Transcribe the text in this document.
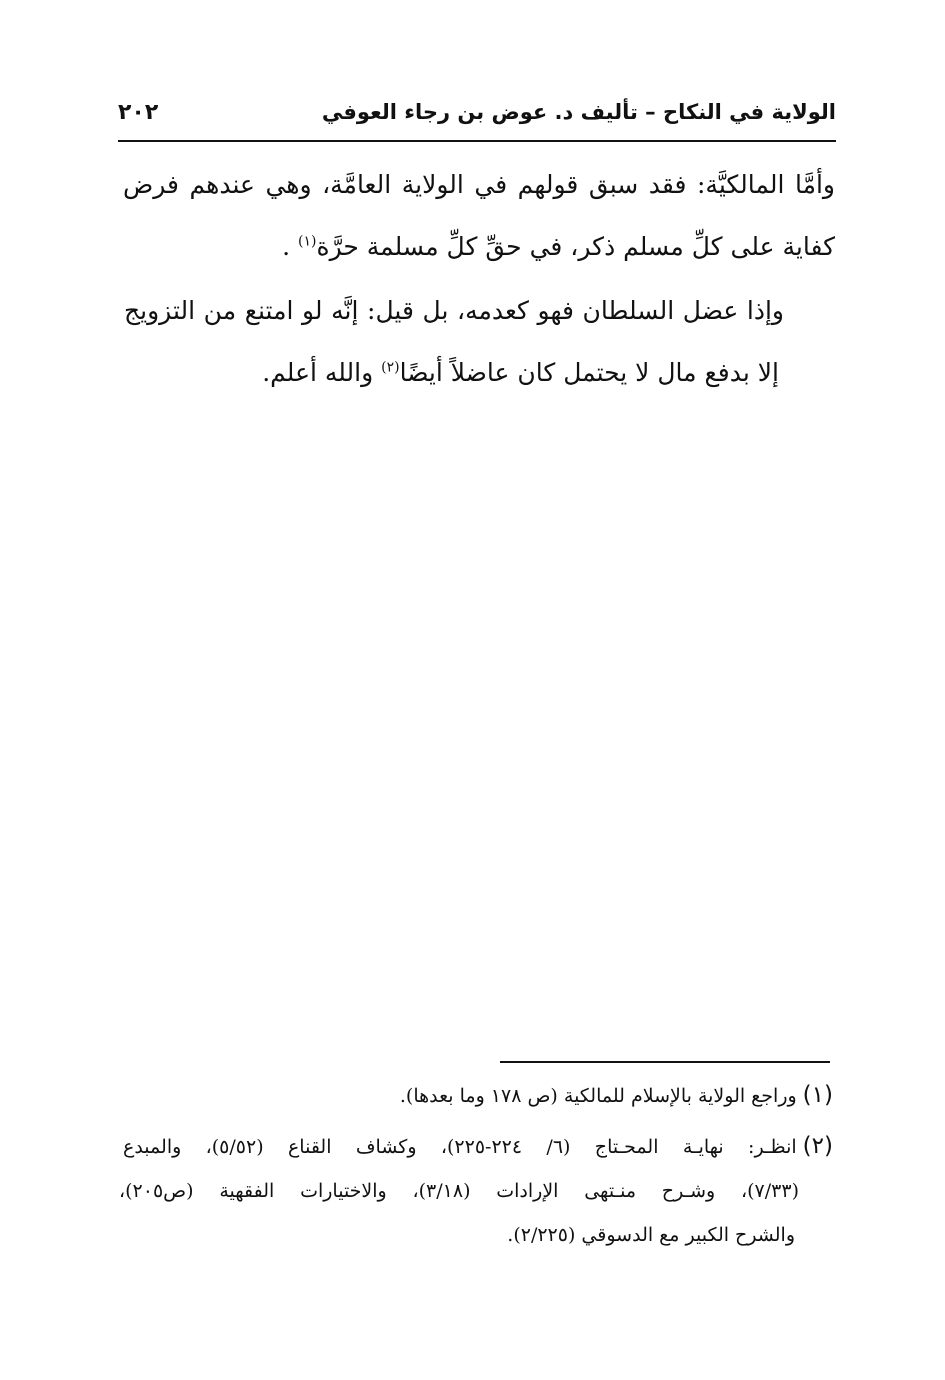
الولاية في النكاح – تأليف د. عوض بن رجاء العوفي
٢٠٢
وأمَّا المالكيَّة: فقد سبق قولهم في الولاية العامَّة، وهي عندهم فرض
كفاية على كلِّ مسلم ذكر، في حقِّ كلِّ مسلمة حرَّة$^{(١)}$ .
وإذا عضل السلطان فهو كعدمه، بل قيل: إنَّه لو امتنع من التزويج
إلا بدفع مال لا يحتمل كان عاضلاً أيضًا$^{(٢)}$ والله أعلم.
(١)وراجع الولاية بالإسلام للمالكية (ص ١٧٨ وما بعدها).
(٢)انظـر: نهايـة المحـتاج (٦/ ٢٢٤-٢٢٥)، وكشاف القناع (٥/٥٢)، والمبدع
(٧/٣٣)، وشـرح منـتهى الإرادات (٣/١٨)، والاختيارات الفقهية (ص٢٠٥)،
والشرح الكبير مع الدسوقي (٢/٢٢٥).
